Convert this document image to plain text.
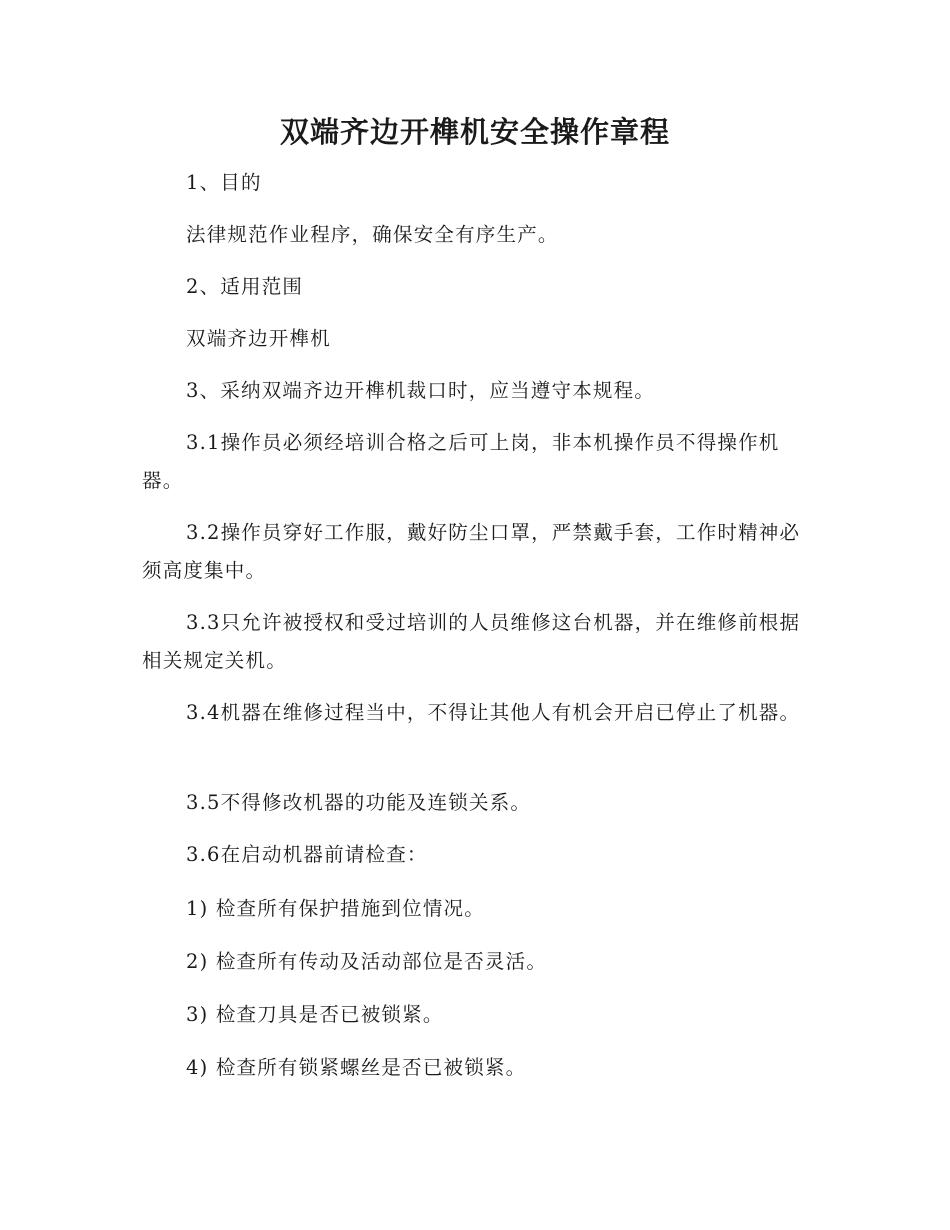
双端齐边开榫机安全操作章程

1、目的

法律规范作业程序，确保安全有序生产。

2、适用范围

双端齐边开榫机

3、采纳双端齐边开榫机裁口时，应当遵守本规程。

3.1操作员必须经培训合格之后可上岗，非本机操作员不得操作机器。

3.2操作员穿好工作服，戴好防尘口罩，严禁戴手套，工作时精神必须高度集中。

3.3只允许被授权和受过培训的人员维修这台机器，并在维修前根据相关规定关机。

3.4机器在维修过程当中，不得让其他人有机会开启已停止了机器。

3.5不得修改机器的功能及连锁关系。

3.6在启动机器前请检查：

1) 检查所有保护措施到位情况。

2) 检查所有传动及活动部位是否灵活。

3) 检查刀具是否已被锁紧。

4) 检查所有锁紧螺丝是否已被锁紧。
